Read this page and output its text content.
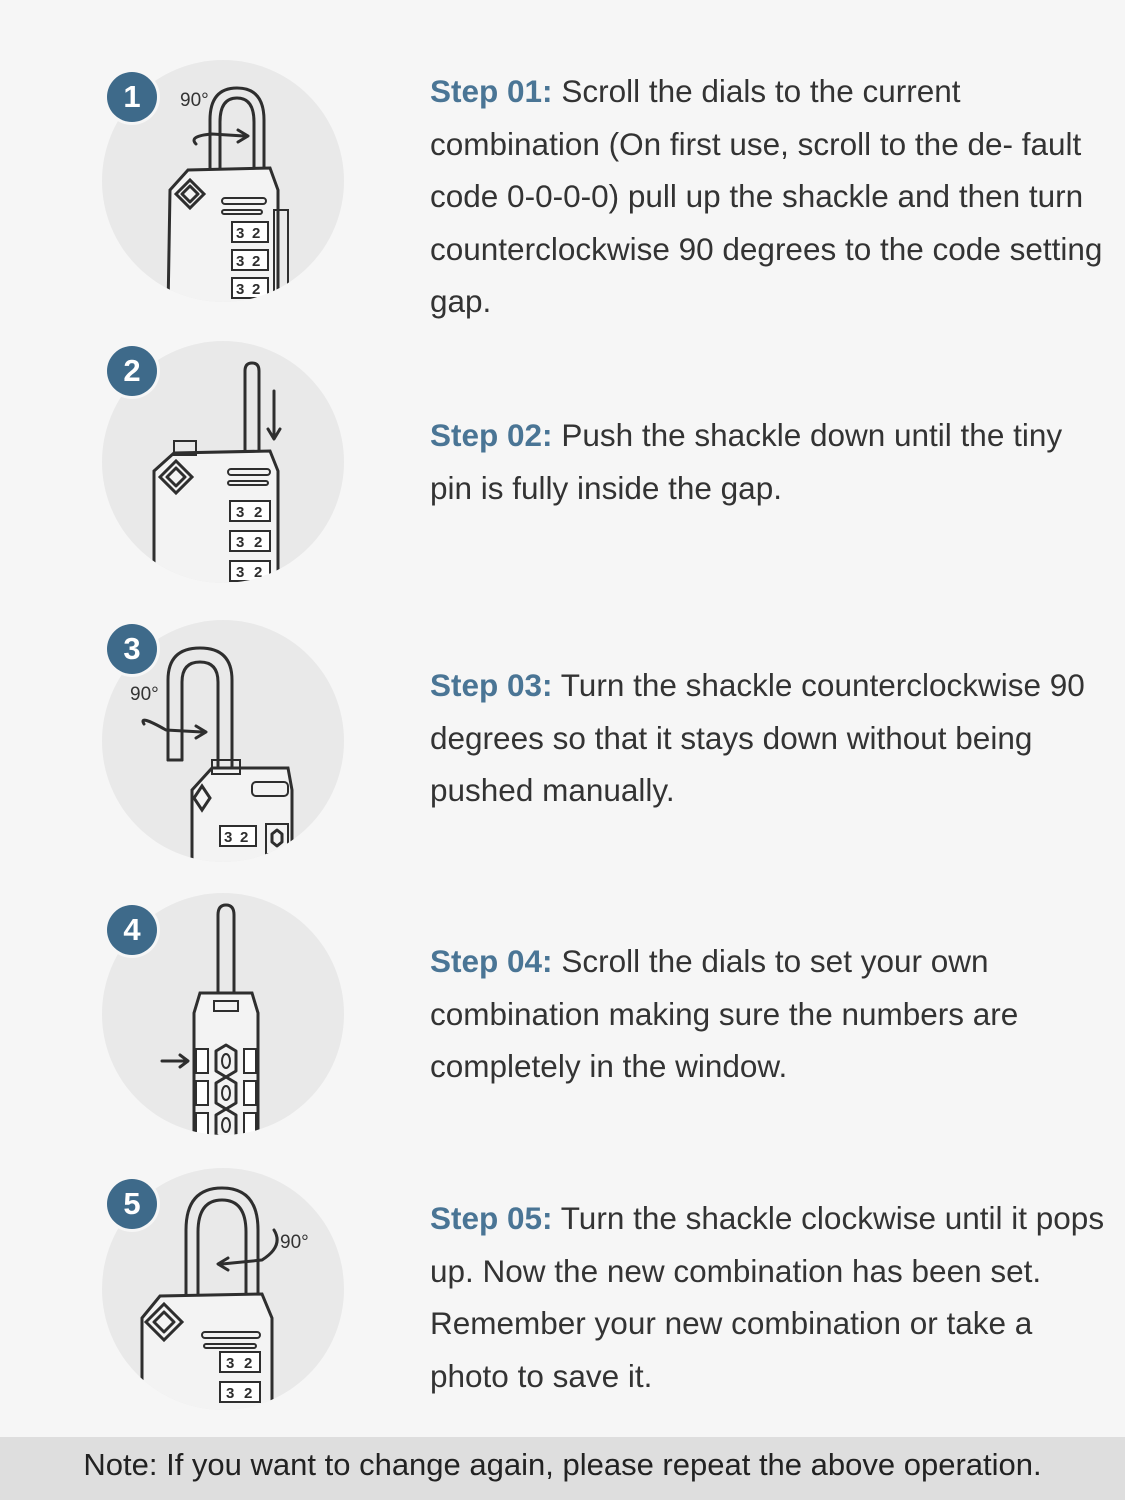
90°
3 2
3 2
3 2
1	Step 01: Scroll the dials to the current combination (On first use, scroll to the de- fault code 0-0-0-0) pull up the shackle and then turn counterclockwise 90 degrees to the code setting gap.
3 2
3 2
3 2
2
Step 02: Push the shackle down until the tiny pin is fully inside the gap.
90°
3 2
3
Step 03: Turn the shackle counterclockwise 90 degrees so that it stays down without being pushed manually.
4
Step 04: Scroll the dials to set your own combination making sure the numbers are completely in the window.
90°
3 2
3 2
5	Step 05: Turn the shackle clockwise until it pops up. Now the new combination has been set. Remember your new combination or take a photo to save it.
Note: If you want to change again, please repeat the above operation.
